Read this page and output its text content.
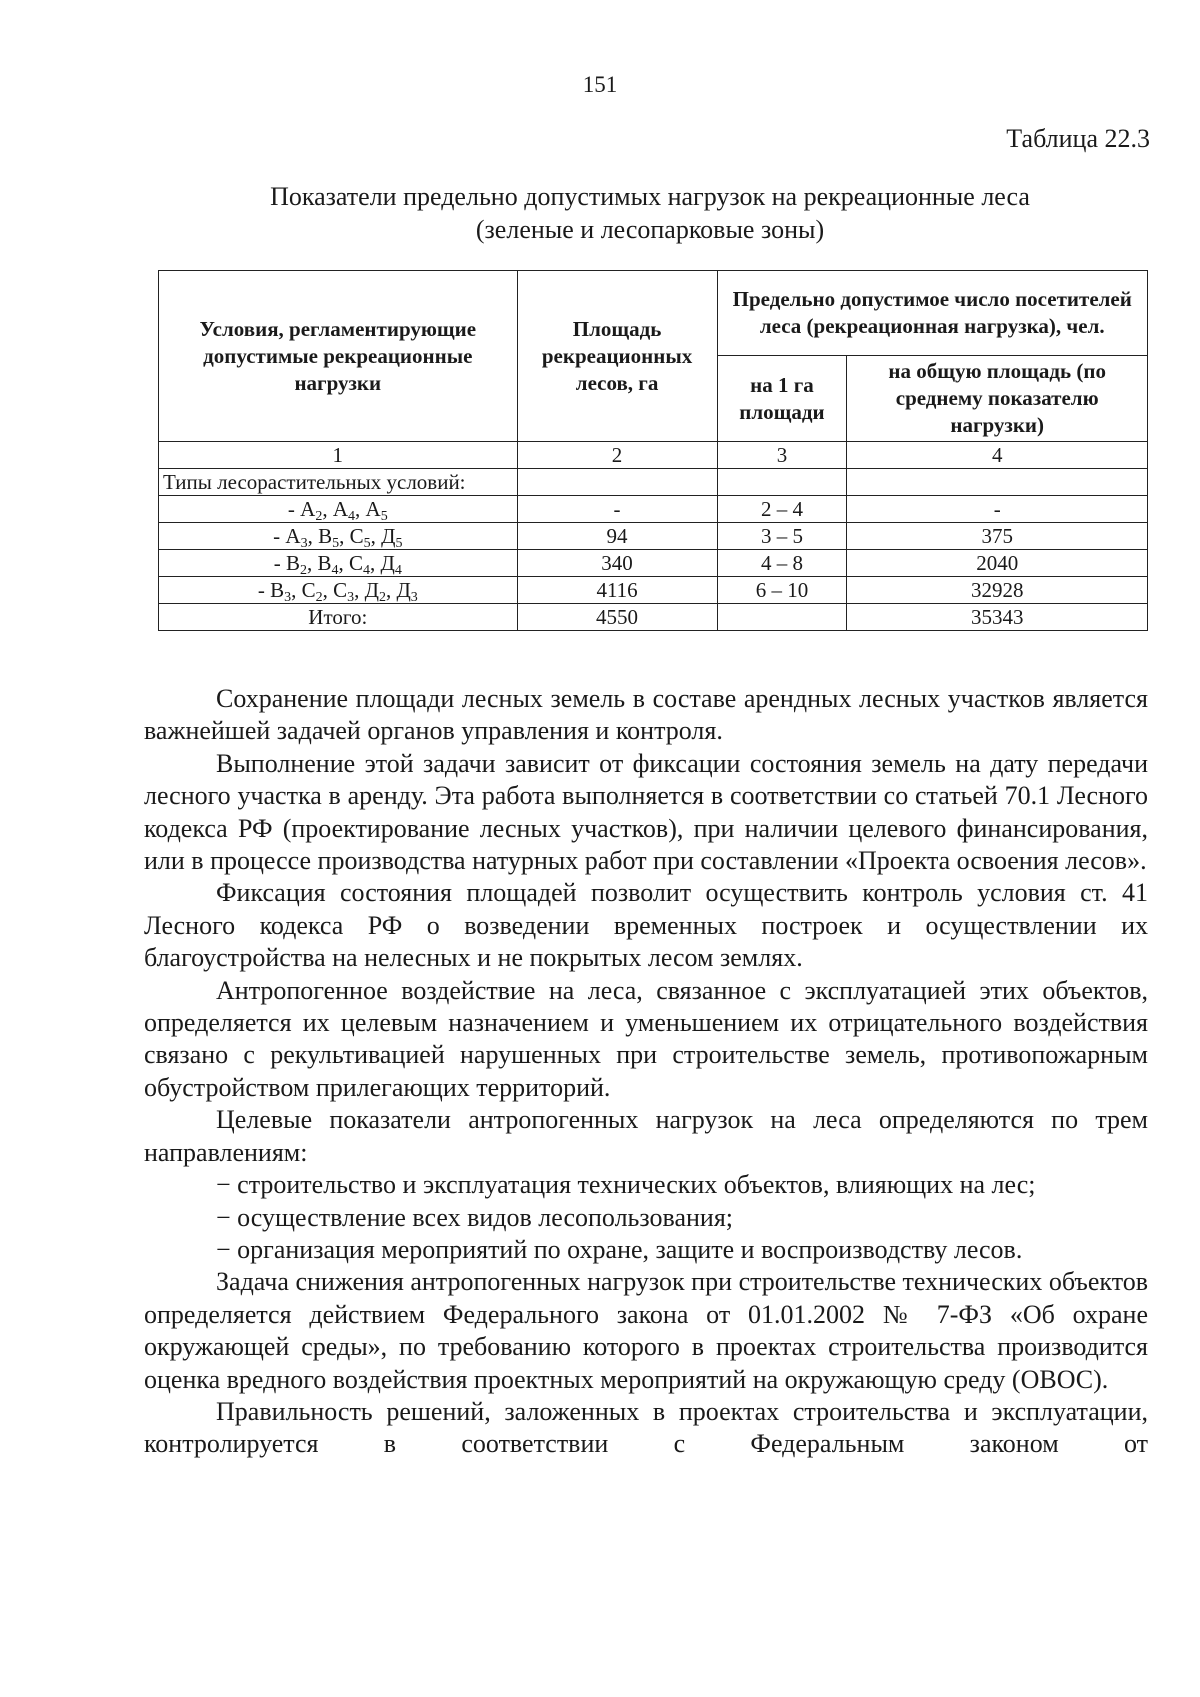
151
Таблица 22.3
Показатели предельно допустимых нагрузок на рекреационные леса
(зеленые и лесопарковые зоны)
Условия, регламентирующие допустимые рекреационные нагрузки	Площадь рекреационных лесов, га	Предельно допустимое число посетителей леса (рекреационная нагрузка), чел.	
		на 1 га площади	на общую площадь (по среднему показателю нагрузки)
1	2	3	4
Типы лесорастительных условий:			
- $А_2$, $А_4$, $А_5$	-	2 – 4	-
- $А_3$, $В_5$, $С_5$, $Д_5$	94	3 – 5	375
- $В_2$, $В_4$, $С_4$, $Д_4$	340	4 – 8	2040
- $В_3$, $С_2$, $С_3$, $Д_2$, $Д_3$	4116	6 – 10	32928
Итого:	4550		35343

Сохранение площади лесных земель в составе арендных лесных участков является важнейшей задачей органов управления и контроля.

Выполнение этой задачи зависит от фиксации состояния земель на дату передачи лесного участка в аренду. Эта работа выполняется в соответствии со статьей 70.1 Лесного кодекса РФ (проектирование лесных участков), при наличии целевого финансирования, или в процессе производства натурных работ при составлении «Проекта освоения лесов».

Фиксация состояния площадей позволит осуществить контроль условия ст. 41 Лесного кодекса РФ о возведении временных построек и осуществлении их благоустройства на нелесных и не покрытых лесом землях.

Антропогенное воздействие на леса, связанное с эксплуатацией этих объектов, определяется их целевым назначением и уменьшением их отрицательного воздействия связано с рекультивацией нарушенных при строительстве земель, противопожарным обустройством прилегающих территорий.

Целевые показатели антропогенных нагрузок на леса определяются по трем направлениям:

− строительство и эксплуатация технических объектов, влияющих на лес;

− осуществление всех видов лесопользования;

− организация мероприятий по охране, защите и воспроизводству лесов.

Задача снижения антропогенных нагрузок при строительстве технических объектов определяется действием Федерального закона от 01.01.2002 № 7-ФЗ «Об охране окружающей среды», по требованию которого в проектах строительства производится оценка вредного воздействия проектных мероприятий на окружающую среду (ОВОС).

Правильность решений, заложенных в проектах строительства и эксплуатации, контролируется в соответствии с Федеральным законом от
